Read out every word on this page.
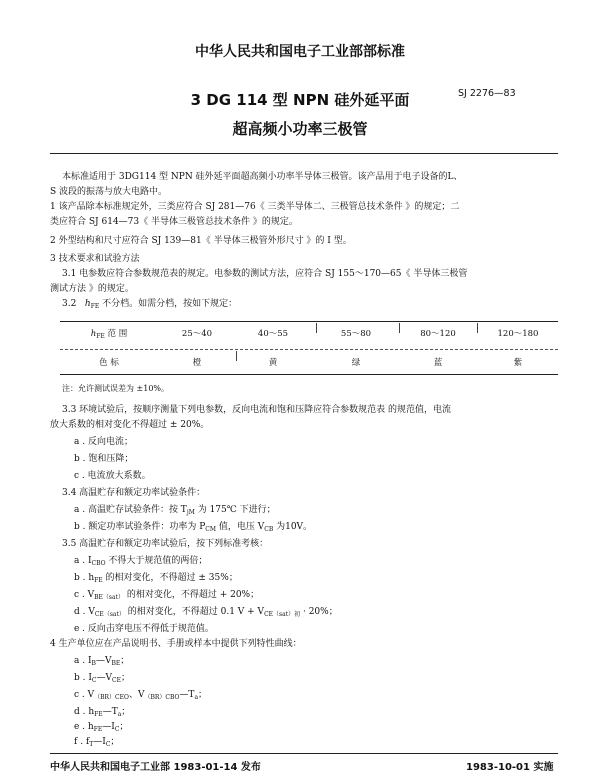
中华人民共和国电子工业部部标准
3 DG 114 型 NPN 硅外延平面
超高频小功率三极管
SJ 2276—83
本标准适用于 3DG114 型 NPN 硅外延平面超高频小功率半导体三极管。该产品用于电子设备的L、
S 波段的振荡与放大电路中。
1 该产品除本标准规定外，三类应符合 SJ 281—76《 三类半导体二、三极管总技术条件 》的规定；二
类应符合 SJ 614—73《 半导体三极管总技术条件 》的规定。
2 外型结构和尺寸应符合 SJ 139—81《 半导体三极管外形尺寸 》的 Ⅰ 型。
3 技术要求和试验方法
3.1 电参数应符合参数规范表的规定。电参数的测试方法，应符合 SJ 155～170—65《 半导体三极管
测试方法 》的规定。
3.2 $h_{FE}$ 不分档。如需分档，按如下规定：
$h_{FE}$ 范 围	25～40	40～55	55～80	80～120	120～180
色 标	橙	黄	绿	蓝	紫
注：允许测试误差为 ±10%。
3.3 环境试验后，按顺序测量下列电参数，反向电流和饱和压降应符合参数规范表 的规范值，电流
放大系数的相对变化不得超过 ± 20%。
a . 反向电流；
b . 饱和压降；
c . 电流放大系数。
3.4 高温贮存和额定功率试验条件：
a . 高温贮存试验条件：按 $T_{jM}$ 为 175℃ 下进行；
b . 额定功率试验条件：功率为 $P_{CM}$ 值，电压 $V_{CB}$ 为10V。
3.5 高温贮存和额定功率试验后，按下列标准考核：
a . $I_{CBO}$ 不得大于规范值的两倍；
b . $h_{FE}$ 的相对变化，不得超过 ± 35%；
c . $V_{BE(sat)}$ 的相对变化，不得超过 + 20%；
d . $V_{CE(sat)}$ 的相对变化，不得超过 0.1 $V + V_{CE(sat)初} \cdot 20\%$；
e . 反向击穿电压不得低于规范值。
4 生产单位应在产品说明书、手册或样本中提供下列特性曲线：
a . $I_B—V_{BE}$；
b . $I_C—V_{CE}$；
c . $V_{(BR)CEO}$、$V_{(BR)CBO}—T_a$；
d . $h_{FE}—T_a$；
e . $h_{FE}—I_C$；
f . $f_T—I_C$；
中华人民共和国电子工业部 1983-01-14 发布	1983-10-01 实施
